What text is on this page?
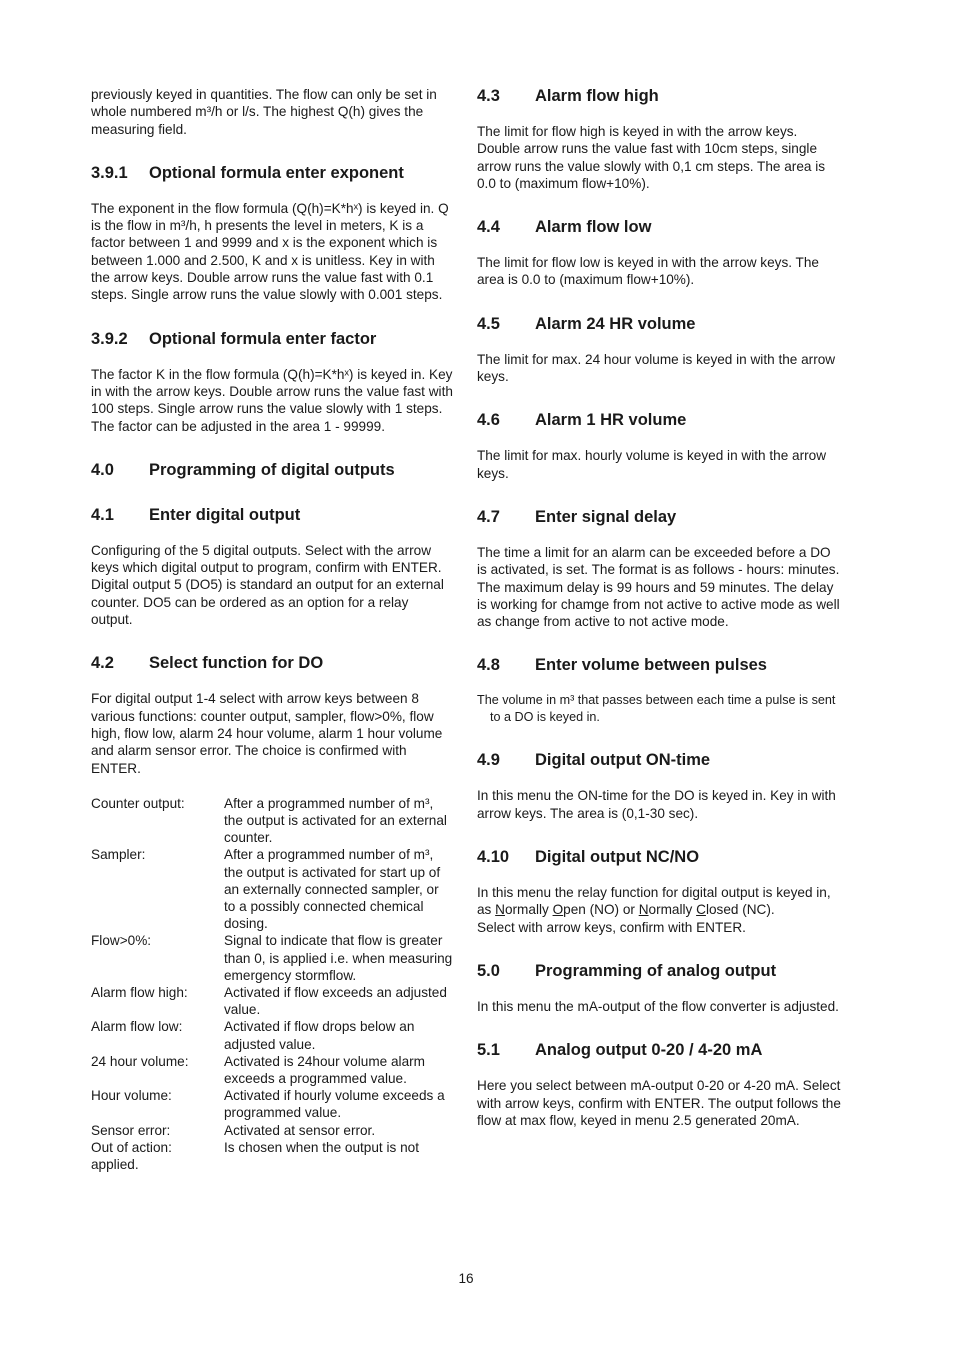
previously keyed in quantities. The flow can only be set in whole numbered m³/h or l/s. The highest Q(h) gives the measuring field.

3.9.1	Optional formula enter exponent

The exponent in the flow formula (Q(h)=K*hˣ) is keyed in. Q is the flow in m³/h, h presents the level in meters, K is a factor between 1 and 9999 and x is the exponent which is between 1.000 and 2.500, K and x is unitless. Key in with the arrow keys. Double arrow runs the value fast with 0.1 steps. Single arrow runs the value slowly with 0.001 steps.

3.9.2	Optional formula enter factor

The factor K in the flow formula (Q(h)=K*hˣ) is keyed in. Key in with the arrow keys. Double arrow runs the value fast with 100 steps. Single arrow runs the value slowly with 1 steps. The factor can be adjusted in the area 1 - 99999.

4.0	Programming of digital outputs
4.1	Enter digital output

Configuring of the 5 digital outputs. Select with the arrow keys which digital output to program, confirm with ENTER.

Digital output 5 (DO5) is standard an output for an external counter. DO5 can be ordered as an option for a relay output.

4.2	Select function for DO

For digital output 1-4 select with arrow keys between 8 various functions: counter output, sampler, flow>0%, flow high, flow low, alarm 24 hour volume, alarm 1 hour volume and alarm sensor error. The choice is confirmed with ENTER.

Counter output:	After a programmed number of m³, the output is activated for an external counter.
Sampler:	After a programmed number of m³, the output is activated for start up of an externally connected sampler, or to a possibly connected chemical dosing.
Flow>0%:	Signal to indicate that flow is greater than 0, is applied i.e. when measuring emergency stormflow.
Alarm flow high:	Activated if flow exceeds an adjusted value.
Alarm flow low:	Activated if flow drops below an adjusted value.
24 hour volume:	Activated is 24hour volume alarm exceeds a programmed value.
Hour volume:	Activated if hourly volume exceeds a programmed value.
Sensor error:	Activated at sensor error.
Out of action:	Is chosen when the output is not
applied.	
4.3	Alarm flow high

The limit for flow high is keyed in with the arrow keys. Double arrow runs the value fast with 10cm steps, single arrow runs the value slowly with 0,1 cm steps. The area is 0.0 to (maximum flow+10%).

4.4	Alarm flow low

The limit for flow low is keyed in with the arrow keys. The area is 0.0 to (maximum flow+10%).

4.5	Alarm 24 HR volume

The limit for max. 24 hour volume is keyed in with the arrow keys.

4.6	Alarm 1 HR volume

The limit for max. hourly volume is keyed in with the arrow keys.

4.7	Enter signal delay

The time a limit for an alarm can be exceeded before a DO is activated, is set. The format is as follows - hours: minutes. The maximum delay is 99 hours and 59 minutes. The delay is working for chamge from not active to active mode as well as change from active to not active mode.

4.8	Enter volume between pulses

The volume in m³ that passes between each time a pulse is sent to a DO is keyed in.

4.9	Digital output ON-time

In this menu the ON-time for the DO is keyed in. Key in with arrow keys. The area is (0,1-30 sec).

4.10	Digital output NC/NO

In this menu the relay function for digital output is keyed in, as Normally Open (NO) or Normally Closed (NC).
Select with arrow keys, confirm with ENTER.

5.0	Programming of analog output

In this menu the mA-output of the flow converter is adjusted.

5.1	Analog output 0-20 / 4-20 mA

Here you select between mA-output 0-20 or 4-20 mA. Select with arrow keys, confirm with ENTER. The output follows the flow at max flow, keyed in menu 2.5 generated 20mA.

16
